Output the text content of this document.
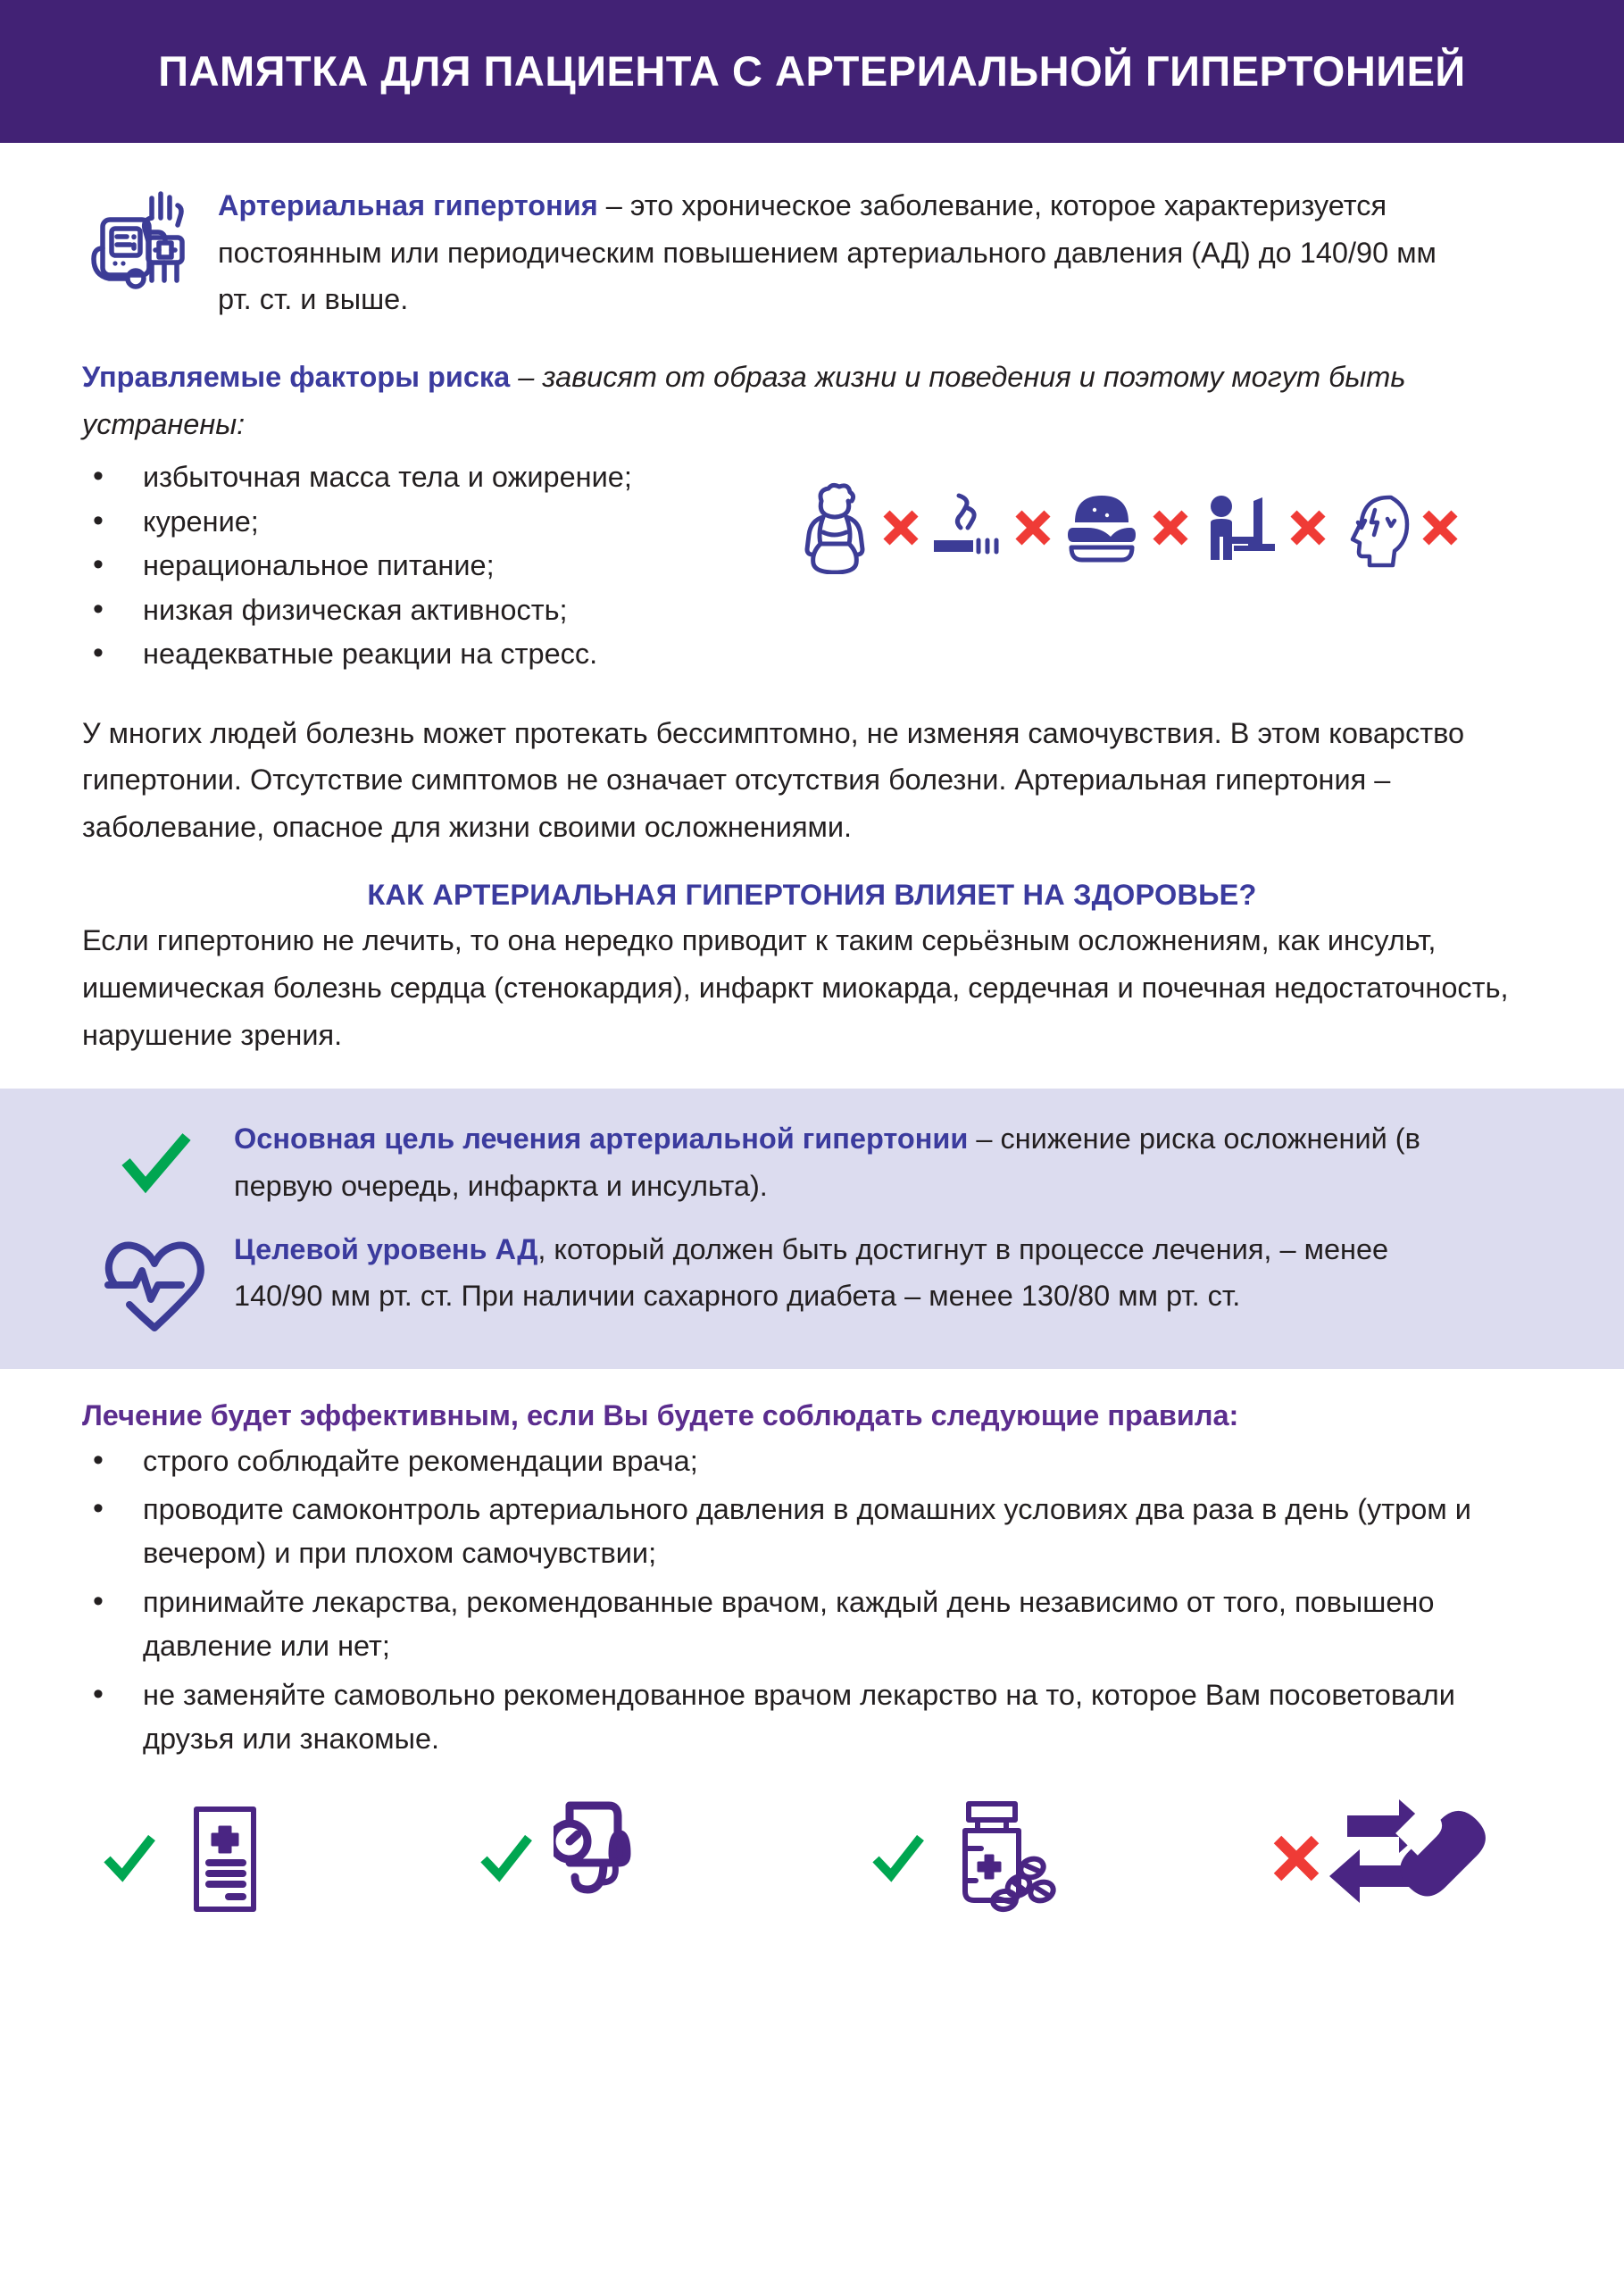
ПАМЯТКА ДЛЯ ПАЦИЕНТА С АРТЕРИАЛЬНОЙ ГИПЕРТОНИЕЙ
Артериальная гипертония – это хроническое заболевание, которое характеризуется постоянным или периодическим повышением артериального давления (АД) до 140/90 мм рт. ст. и выше.
Управляемые факторы риска – зависят от образа жизни и поведения и поэтому могут быть устранены:
• избыточная масса тела и ожирение;
• курение;
• нерациональное питание;
• низкая физическая активность;
• неадекватные реакции на стресс.
У многих людей болезнь может протекать бессимптомно, не изменяя самочувствия. В этом коварство гипертонии. Отсутствие симптомов не означает отсутствия болезни. Артериальная гипертония – заболевание, опасное для жизни своими осложнениями.
КАК АРТЕРИАЛЬНАЯ ГИПЕРТОНИЯ ВЛИЯЕТ НА ЗДОРОВЬЕ?
Если гипертонию не лечить, то она нередко приводит к таким серьёзным осложнениям, как инсульт, ишемическая болезнь сердца (стенокардия), инфаркт миокарда, сердечная и почечная недостаточность, нарушение зрения.
Основная цель лечения артериальной гипертонии – снижение риска осложнений (в первую очередь, инфаркта и инсульта).
Целевой уровень АД, который должен быть достигнут в процессе лечения, – менее 140/90 мм рт. ст. При наличии сахарного диабета – менее 130/80 мм рт. ст.
Лечение будет эффективным, если Вы будете соблюдать следующие правила:
• строго соблюдайте рекомендации врача;
• проводите самоконтроль артериального давления в домашних условиях два раза в день (утром и вечером) и при плохом самочувствии;
• принимайте лекарства, рекомендованные врачом, каждый день независимо от того, повышено давление или нет;
• не заменяйте самовольно рекомендованное врачом лекарство на то, которое Вам посоветовали друзья или знакомые.
